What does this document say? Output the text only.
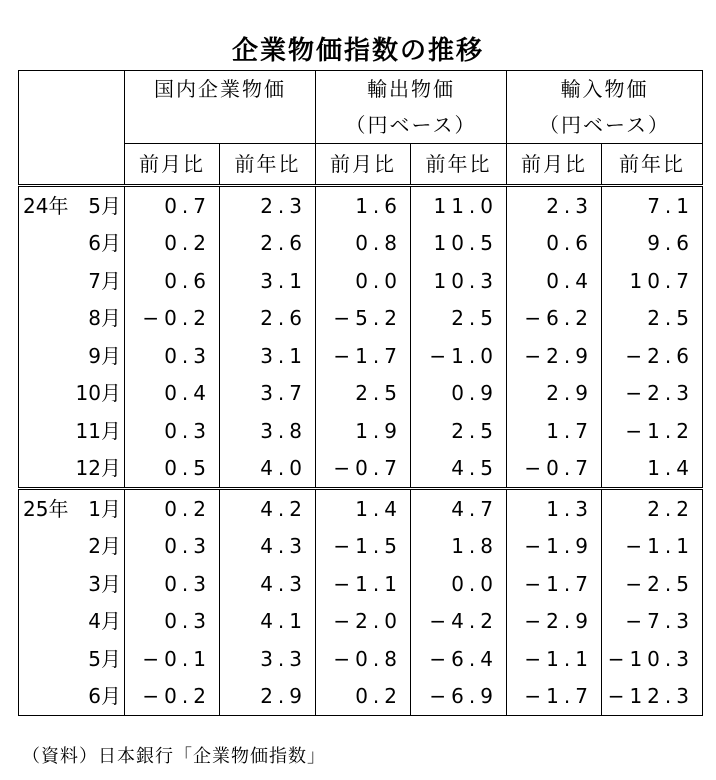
企業物価指数の推移
	国内企業物価		輸出物価		輸入物価	
			（円ベース）		（円ベース）	
	前月比	前年比	前月比	前年比	前月比	前年比
24年 5月	0.7	2.3	1.6	11.0	2.3	7.1
6月	0.2	2.6	0.8	10.5	0.6	9.6
7月	0.6	3.1	0.0	10.3	0.4	10.7
8月	−0.2	2.6	−5.2	2.5	−6.2	2.5
9月	0.3	3.1	−1.7	−1.0	−2.9	−2.6
10月	0.4	3.7	2.5	0.9	2.9	−2.3
11月	0.3	3.8	1.9	2.5	1.7	−1.2
12月	0.5	4.0	−0.7	4.5	−0.7	1.4
25年 1月	0.2	4.2	1.4	4.7	1.3	2.2
2月	0.3	4.3	−1.5	1.8	−1.9	−1.1
3月	0.3	4.3	−1.1	0.0	−1.7	−2.5
4月	0.3	4.1	−2.0	−4.2	−2.9	−7.3
5月	−0.1	3.3	−0.8	−6.4	−1.1	−10.3
6月	−0.2	2.9	0.2	−6.9	−1.7	−12.3
（資料）日本銀行「企業物価指数」
